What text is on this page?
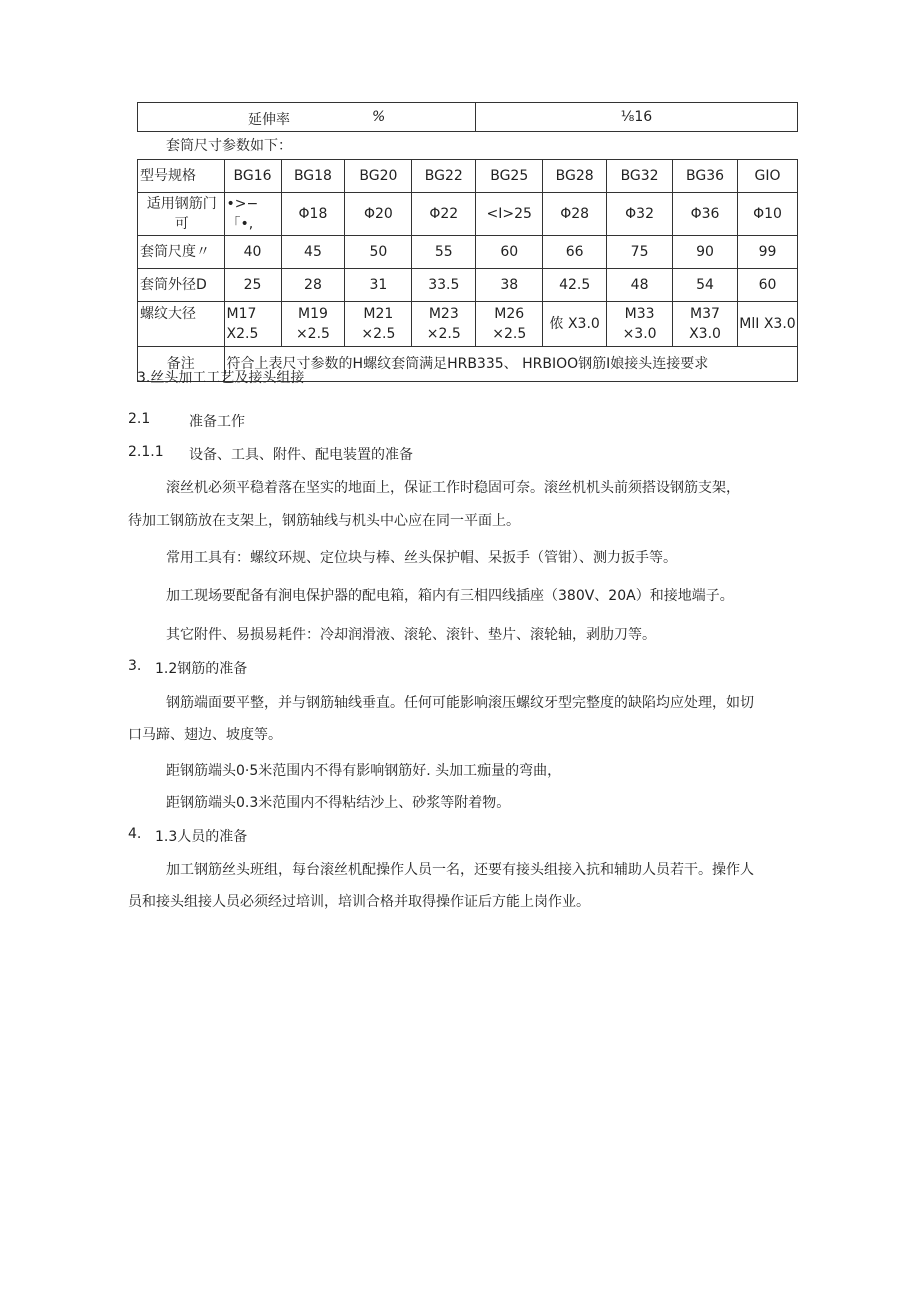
延伸率	%	⅛16
套筒尺寸参数如下：
型号规格	BG16	BG18	BG20	BG22	BG25	BG28	BG32	BG36	GIO
适用钢筋门可	•>−「•,	Φ18	Φ20	Φ22	<I>25	Φ28	Φ32	Φ36	Φ10
套筒尺度〃	40	45	50	55	60	66	75	90	99
套筒外径D	25	28	31	33.5	38	42.5	48	54	60
螺纹大径	M17 X2.5	M19 ×2.5	M21 ×2.5	M23 ×2.5	M26 ×2.5	侬 X3.0	M33 ×3.0	M37 X3.0	MlI X3.0
备注	符合上表尺寸参数的H螺纹套筒满足HRB335、 HRBIOO钢筋I娘接头连接要求								
3.丝头加工工艺及接头组接
2.1	准备工作
2.1.1 设备、工具、附件、配电装置的准备
滚丝机必须平稳着落在坚实的地面上，保证工作时稳固可奈。滚丝机机头前须搭设钢筋支架，
待加工钢筋放在支架上，钢筋轴线与机头中心应在同一平面上。
常用工具有：螺纹环规、定位块与棒、丝头保护帽、呆扳手（管钳）、测力扳手等。
加工现场要配备有涧电保护器的配电箱，箱内有三相四线插座（380V、20A）和接地端子。
其它附件、易损易耗件：冷却润滑液、滚轮、滚针、垫片、滚轮轴，剥肋刀等。
3. 1.2钢筋的准备
钢筋端面要平整，并与钢筋轴线垂直。任何可能影响滚压螺纹牙型完整度的缺陷均应处理，如切
口马蹄、翅边、坡度等。
距钢筋端头0·5米范围内不得有影响钢筋好. 头加工痂量的弯曲，
距钢筋端头0.3米范围内不得粘结沙上、砂浆等附着物。
4. 1.3人员的准备
加工钢筋丝头班组，每台滚丝机配操作人员一名，还要有接头组接入抗和辅助人员若干。操作人
员和接头组接人员必须经过培训，培训合格并取得操作证后方能上岗作业。
